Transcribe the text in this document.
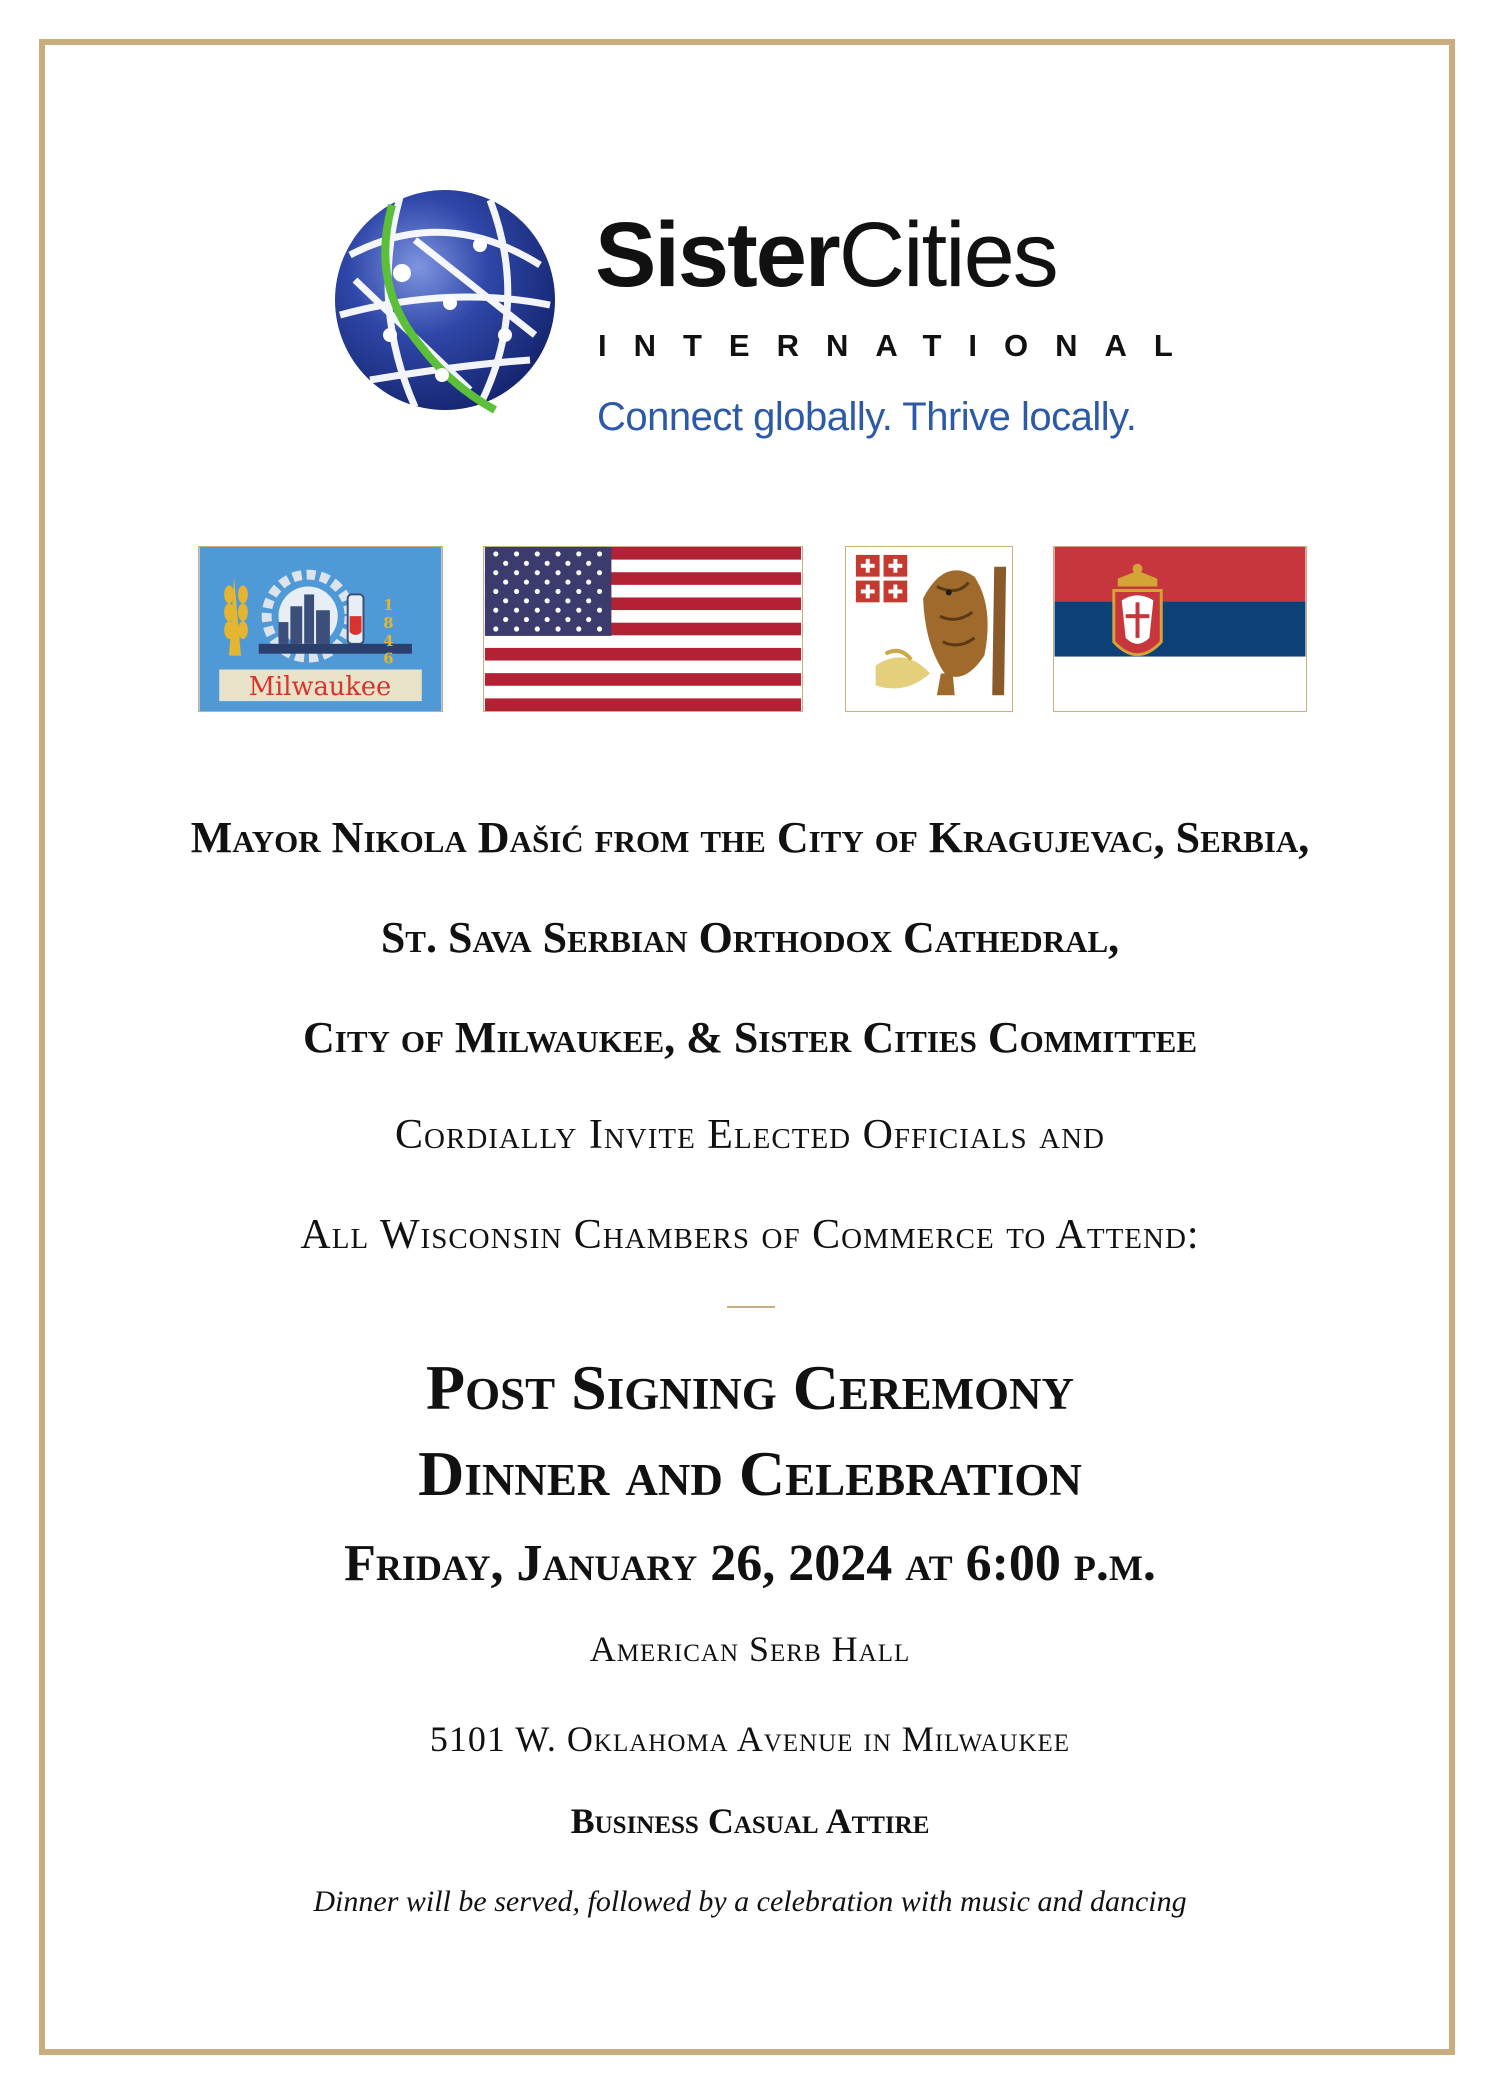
SisterCities
INTERNATIONAL
Connect globally. Thrive locally.
1
8
4
6
Milwaukee
Mayor Nikola Dašić from the City of Kragujevac, Serbia,
St. Sava Serbian Orthodox Cathedral,
City of Milwaukee, & Sister Cities Committee
Cordially Invite Elected Officials and
All Wisconsin Chambers of Commerce to Attend:
Post Signing Ceremony
Dinner and Celebration
Friday, January 26, 2024 at 6:00 p.m.
American Serb Hall
5101 W. Oklahoma Avenue in Milwaukee
Business Casual Attire
Dinner will be served, followed by a celebration with music and dancing
